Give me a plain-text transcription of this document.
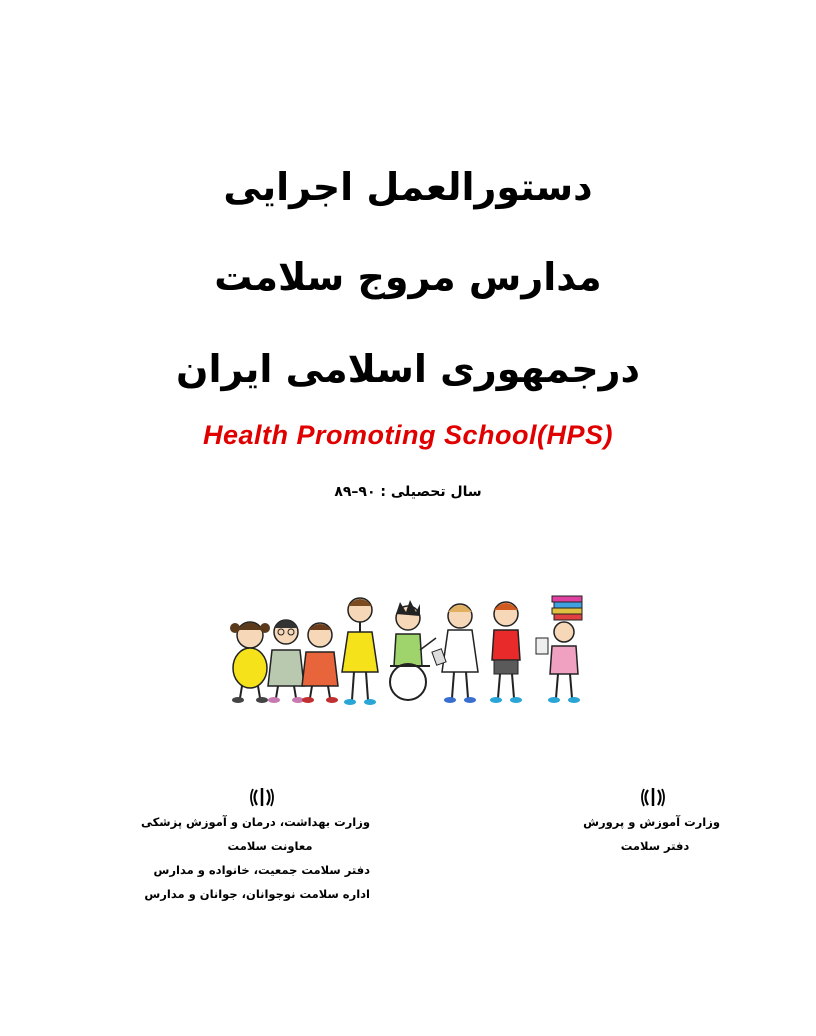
دستورالعمل اجرایی
مدارس مروج سلامت
درجمهوری اسلامی ایران
Health Promoting School(HPS)
سال تحصیلی : ۹۰–۸۹
وزارت بهداشت، درمان و آموزش پزشکی
معاونت سلامت
دفتر سلامت جمعیت، خانواده و مدارس
اداره سلامت نوجوانان، جوانان و مدارس
وزارت آموزش و پرورش
دفتر سلامت
